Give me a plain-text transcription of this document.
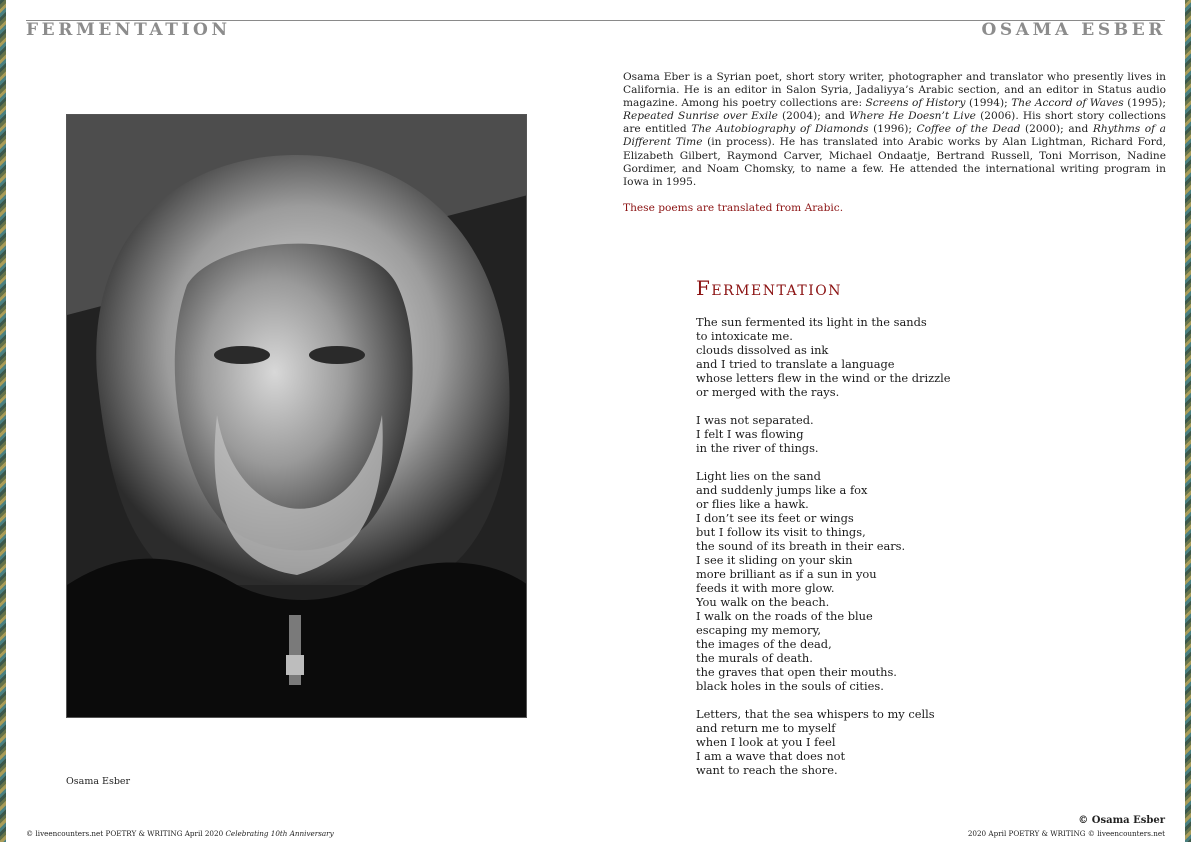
FERMENTATION	OSAMA ESBER
Osama Esber
Osama Eber is a Syrian poet, short story writer, photographer and translator who presently lives in California. He is an editor in Salon Syria, Jadaliyya’s Arabic section, and an editor in Status audio magazine. Among his poetry collections are: Screens of History (1994); The Accord of Waves (1995); Repeated Sunrise over Exile (2004); and Where He Doesn’t Live (2006). His short story collections are entitled The Autobiography of Diamonds (1996); Coffee of the Dead (2000); and Rhythms of a Different Time (in process). He has translated into Arabic works by Alan Lightman, Richard Ford, Elizabeth Gilbert, Raymond Carver, Michael Ondaatje, Bertrand Russell, Toni Morrison, Nadine Gordimer, and Noam Chomsky, to name a few. He attended the international writing program in Iowa in 1995.
These poems are translated from Arabic.
Fermentation
The sun fermented its light in the sands
to intoxicate me.
clouds dissolved as ink
and I tried to translate a language
whose letters flew in the wind or the drizzle
or merged with the rays.
I was not separated.
I felt I was flowing
in the river of things.
Light lies on the sand
and suddenly jumps like a fox
or flies like a hawk.
I don’t see its feet or wings
but I follow its visit to things,
the sound of its breath in their ears.
I see it sliding on your skin
more brilliant as if a sun in you
feeds it with more glow.
You walk on the beach.
I walk on the roads of the blue
escaping my memory,
the images of the dead,
the murals of death.
the graves that open their mouths.
black holes in the souls of cities.
Letters, that the sea whispers to my cells
and return me to myself
when I look at you I feel
I am a wave that does not
want to reach the shore.
© Osama Esber
© liveencounters.net POETRY & WRITING April 2020 Celebrating 10th Anniversary	2020 April POETRY & WRITING © liveencounters.net
